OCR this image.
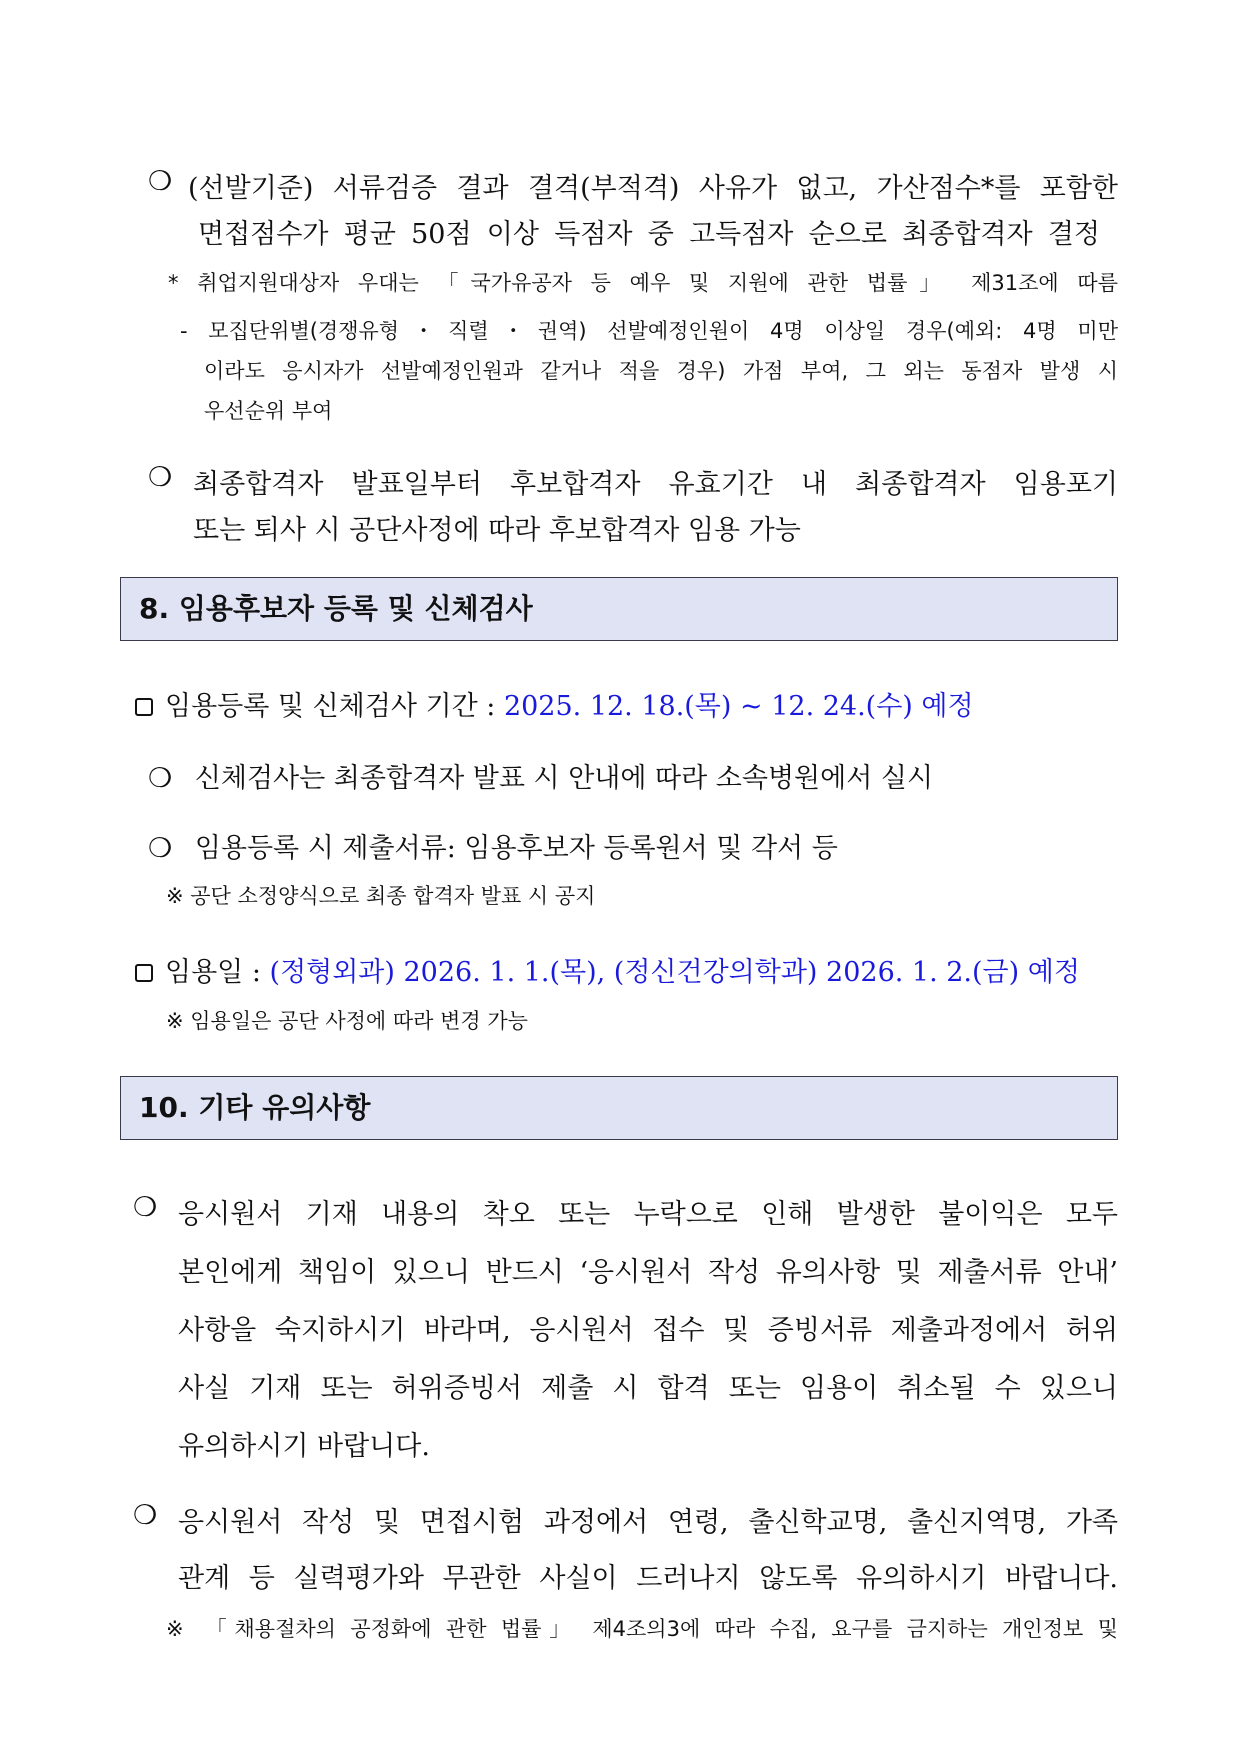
❍ (선발기준) 서류검증 결과 결격(부적격) 사유가 없고, 가산점수*를 포함한
면접점수가 평균 50점 이상 득점자 중 고득점자 순으로 최종합격자 결정
* 취업지원대상자 우대는 「국가유공자 등 예우 및 지원에 관한 법률」 제31조에 따름
- 모집단위별(경쟁유형・직렬・권역) 선발예정인원이 4명 이상일 경우(예외: 4명 미만
이라도 응시자가 선발예정인원과 같거나 적을 경우) 가점 부여, 그 외는 동점자 발생 시
우선순위 부여
❍ 최종합격자 발표일부터 후보합격자 유효기간 내 최종합격자 임용포기
또는 퇴사 시 공단사정에 따라 후보합격자 임용 가능
8. 임용후보자 등록 및 신체검사
임용등록 및 신체검사 기간 : 2025. 12. 18.(목) ~ 12. 24.(수) 예정
❍ 신체검사는 최종합격자 발표 시 안내에 따라 소속병원에서 실시
❍ 임용등록 시 제출서류: 임용후보자 등록원서 및 각서 등
※ 공단 소정양식으로 최종 합격자 발표 시 공지
임용일 : (정형외과) 2026. 1. 1.(목), (정신건강의학과) 2026. 1. 2.(금) 예정
※ 임용일은 공단 사정에 따라 변경 가능
10. 기타 유의사항
❍ 응시원서 기재 내용의 착오 또는 누락으로 인해 발생한 불이익은 모두
본인에게 책임이 있으니 반드시 ‘응시원서 작성 유의사항 및 제출서류 안내’
사항을 숙지하시기 바라며, 응시원서 접수 및 증빙서류 제출과정에서 허위
사실 기재 또는 허위증빙서 제출 시 합격 또는 임용이 취소될 수 있으니
유의하시기 바랍니다.
❍ 응시원서 작성 및 면접시험 과정에서 연령, 출신학교명, 출신지역명, 가족
관계 등 실력평가와 무관한 사실이 드러나지 않도록 유의하시기 바랍니다.
※ 「채용절차의 공정화에 관한 법률」 제4조의3에 따라 수집, 요구를 금지하는 개인정보 및
